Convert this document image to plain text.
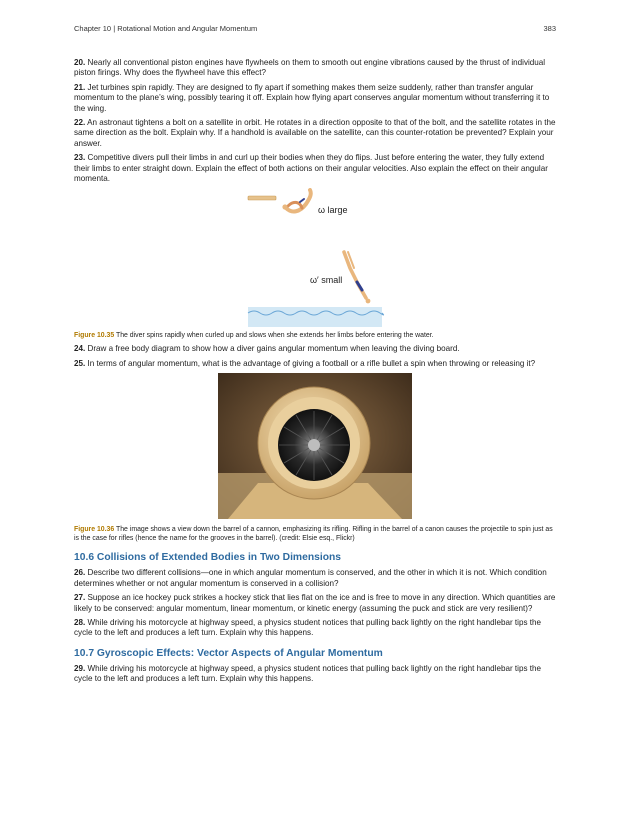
Chapter 10 | Rotational Motion and Angular Momentum	383

20. Nearly all conventional piston engines have flywheels on them to smooth out engine vibrations caused by the thrust of individual piston firings. Why does the flywheel have this effect?

21. Jet turbines spin rapidly. They are designed to fly apart if something makes them seize suddenly, rather than transfer angular momentum to the plane’s wing, possibly tearing it off. Explain how flying apart conserves angular momentum without transferring it to the wing.

22. An astronaut tightens a bolt on a satellite in orbit. He rotates in a direction opposite to that of the bolt, and the satellite rotates in the same direction as the bolt. Explain why. If a handhold is available on the satellite, can this counter-rotation be prevented? Explain your answer.

23. Competitive divers pull their limbs in and curl up their bodies when they do flips. Just before entering the water, they fully extend their limbs to enter straight down. Explain the effect of both actions on their angular velocities. Also explain the effect on their angular momenta.

ω large
ω′ small

Figure 10.35 The diver spins rapidly when curled up and slows when she extends her limbs before entering the water.

24. Draw a free body diagram to show how a diver gains angular momentum when leaving the diving board.

25. In terms of angular momentum, what is the advantage of giving a football or a rifle bullet a spin when throwing or releasing it?

Figure 10.36 The image shows a view down the barrel of a cannon, emphasizing its rifling. Rifling in the barrel of a canon causes the projectile to spin just as is the case for rifles (hence the name for the grooves in the barrel). (credit: Elsie esq., Flickr)

10.6 Collisions of Extended Bodies in Two Dimensions

26. Describe two different collisions—one in which angular momentum is conserved, and the other in which it is not. Which condition determines whether or not angular momentum is conserved in a collision?

27. Suppose an ice hockey puck strikes a hockey stick that lies flat on the ice and is free to move in any direction. Which quantities are likely to be conserved: angular momentum, linear momentum, or kinetic energy (assuming the puck and stick are very resilient)?

28. While driving his motorcycle at highway speed, a physics student notices that pulling back lightly on the right handlebar tips the cycle to the left and produces a left turn. Explain why this happens.

10.7 Gyroscopic Effects: Vector Aspects of Angular Momentum

29. While driving his motorcycle at highway speed, a physics student notices that pulling back lightly on the right handlebar tips the cycle to the left and produces a left turn. Explain why this happens.
